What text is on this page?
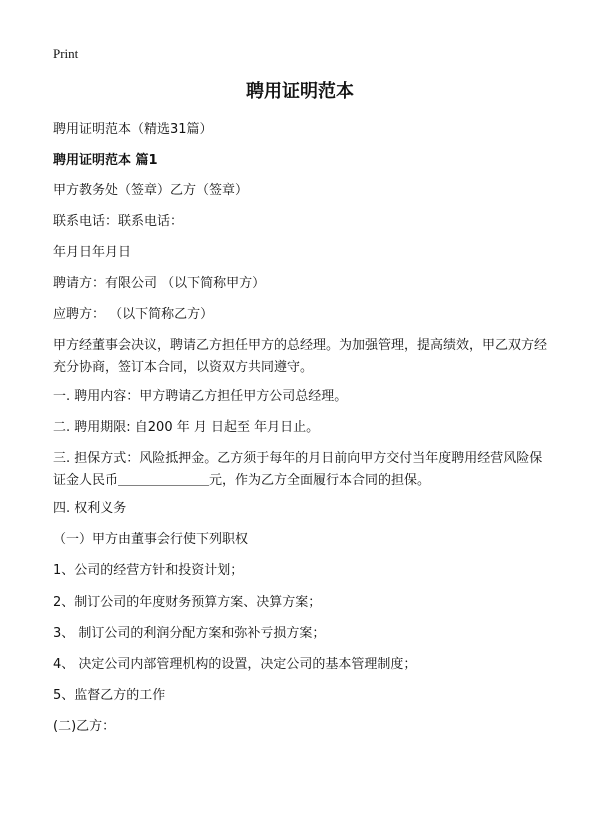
Print
聘用证明范本

聘用证明范本（精选31篇）

聘用证明范本 篇1

甲方教务处（签章）乙方（签章）

联系电话：联系电话：

年月日年月日

聘请方：有限公司 （以下简称甲方）

应聘方： （以下简称乙方）

甲方经董事会决议，聘请乙方担任甲方的总经理。为加强管理，提高绩效，甲乙双方经充分协商，签订本合同，以资双方共同遵守。

一. 聘用内容：甲方聘请乙方担任甲方公司总经理。

二. 聘用期限: 自200 年 月 日起至 年月日止。

三. 担保方式：风险抵押金。乙方须于每年的月日前向甲方交付当年度聘用经营风险保证金人民币＿＿＿＿＿＿＿元，作为乙方全面履行本合同的担保。

四. 权利义务

（一）甲方由董事会行使下列职权

1、公司的经营方针和投资计划；

2、制订公司的年度财务预算方案、决算方案；

3、 制订公司的利润分配方案和弥补亏损方案；

4、 决定公司内部管理机构的设置，决定公司的基本管理制度；

5、监督乙方的工作

(二)乙方：
